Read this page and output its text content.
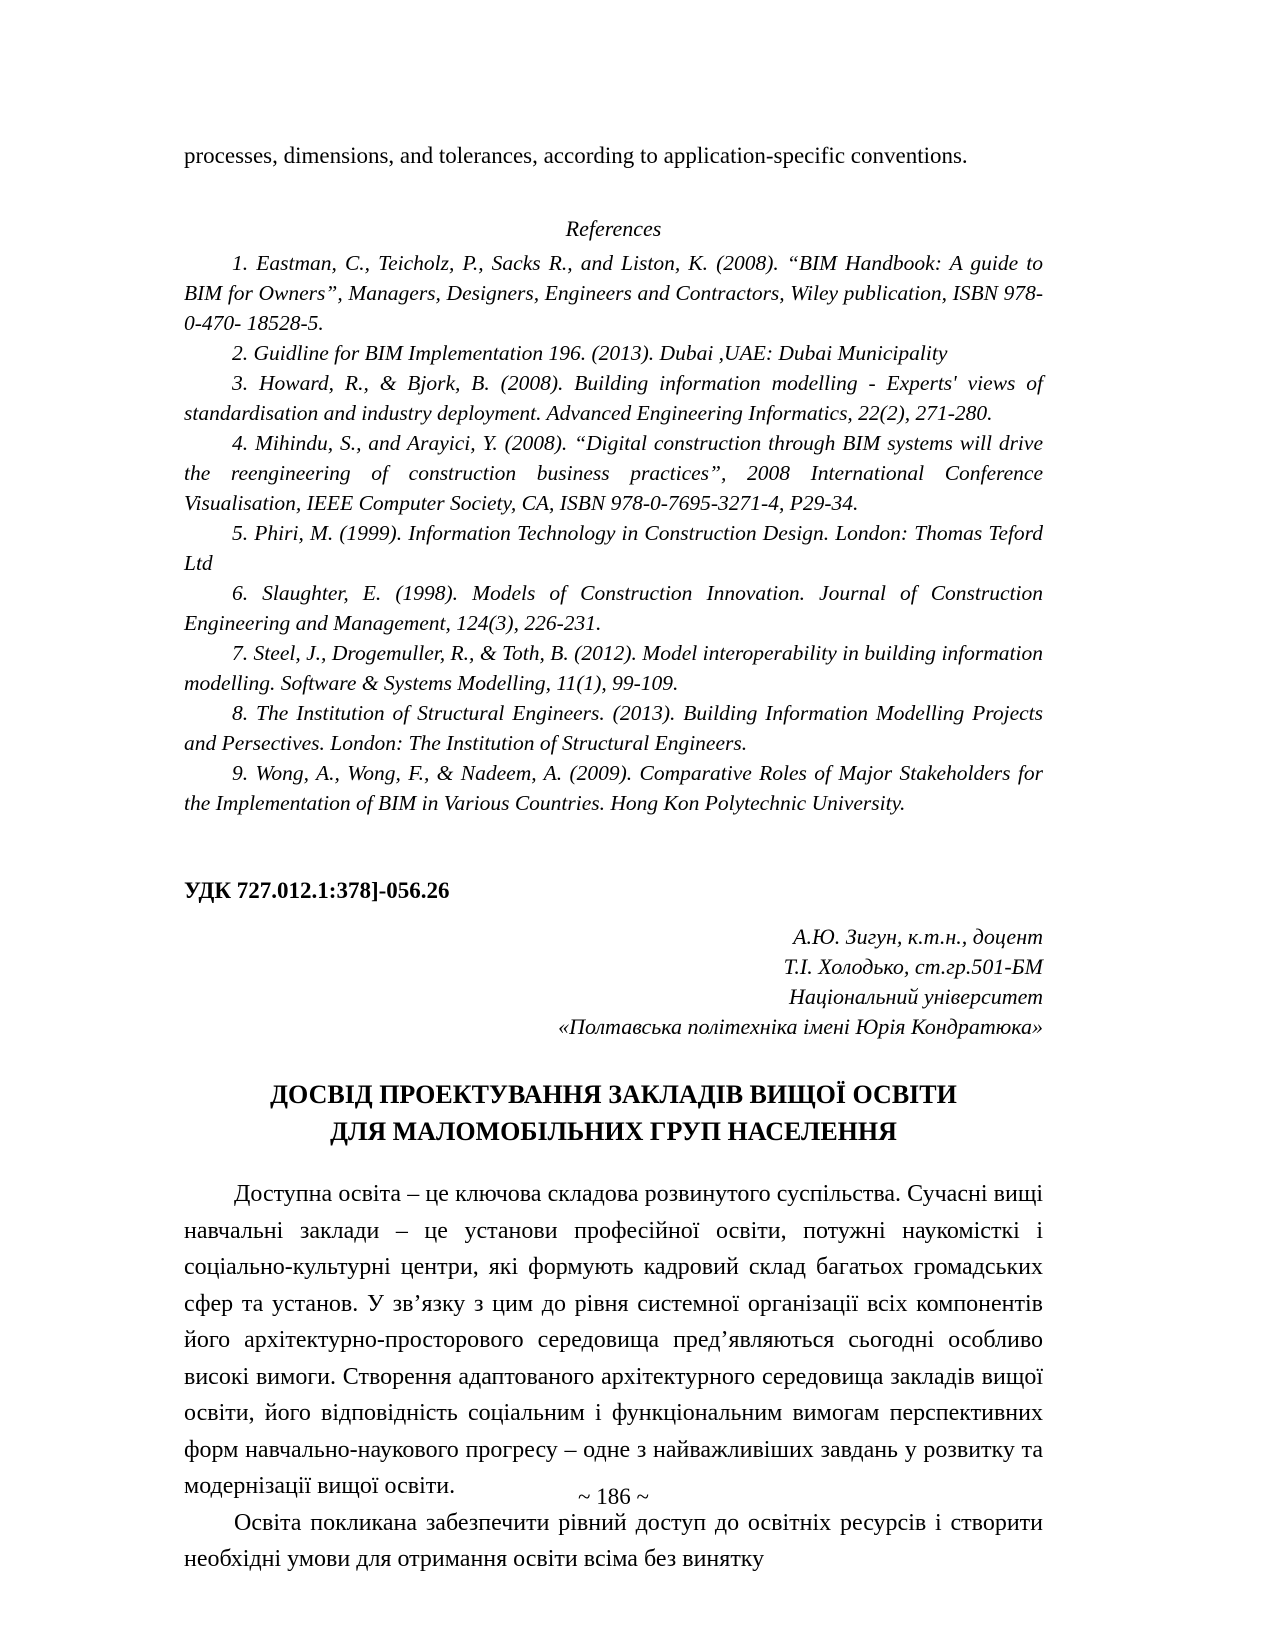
processes, dimensions, and tolerances, according to application-specific conventions.
References
1. Eastman, C., Teicholz, P., Sacks R., and Liston, K. (2008). “BIM Handbook: A guide to BIM for Owners”, Managers, Designers, Engineers and Contractors, Wiley publication, ISBN 978-0-470- 18528-5.
2. Guidline for BIM Implementation 196. (2013). Dubai ,UAE: Dubai Municipality
3. Howard, R., & Bjork, B. (2008). Building information modelling - Experts' views of standardisation and industry deployment. Advanced Engineering Informatics, 22(2), 271-280.
4. Mihindu, S., and Arayici, Y. (2008). “Digital construction through BIM systems will drive the reengineering of construction business practices”, 2008 International Conference Visualisation, IEEE Computer Society, CA, ISBN 978-0-7695-3271-4, P29-34.
5. Phiri, M. (1999). Information Technology in Construction Design. London: Thomas Teford Ltd
6. Slaughter, E. (1998). Models of Construction Innovation. Journal of Construction Engineering and Management, 124(3), 226-231.
7. Steel, J., Drogemuller, R., & Toth, B. (2012). Model interoperability in building information modelling. Software & Systems Modelling, 11(1), 99-109.
8. The Institution of Structural Engineers. (2013). Building Information Modelling Projects and Persectives. London: The Institution of Structural Engineers.
9. Wong, A., Wong, F., & Nadeem, A. (2009). Comparative Roles of Major Stakeholders for the Implementation of BIM in Various Countries. Hong Kon Polytechnic University.
УДК 727.012.1:378]-056.26
А.Ю. Зигун, к.т.н., доцент
Т.І. Холодько, ст.гр.501-БМ
Національний університет
«Полтавська політехніка імені Юрія Кондратюка»
ДОСВІД ПРОЕКТУВАННЯ ЗАКЛАДІВ ВИЩОЇ ОСВІТИ
ДЛЯ МАЛОМОБІЛЬНИХ ГРУП НАСЕЛЕННЯ

Доступна освіта – це ключова складова розвинутого суспільства. Сучасні вищі навчальні заклади – це установи професійної освіти, потужні наукомісткі і соціально-культурні центри, які формують кадровий склад багатьох громадських сфер та установ. У зв’язку з цим до рівня системної організації всіх компонентів його архітектурно-просторового середовища пред’являються сьогодні особливо високі вимоги. Створення адаптованого архітектурного середовища закладів вищої освіти, його відповідність соціальним і функціональним вимогам перспективних форм навчально-наукового прогресу – одне з найважливіших завдань у розвитку та модернізації вищої освіти.

Освіта покликана забезпечити рівний доступ до освітніх ресурсів і створити необхідні умови для отримання освіти всіма без винятку

~ 186 ~
